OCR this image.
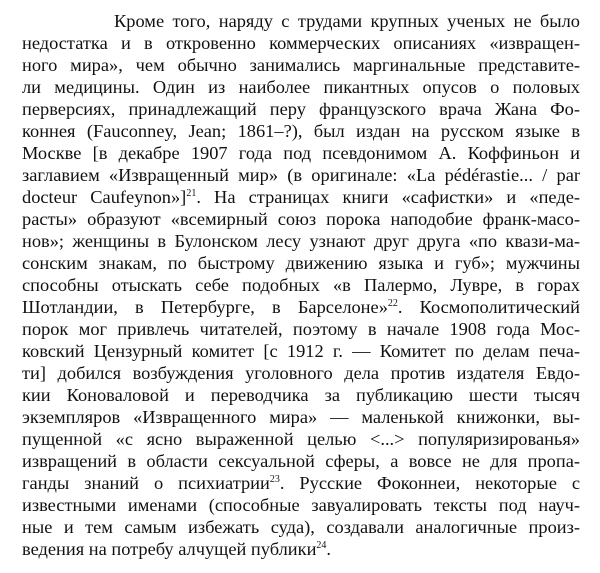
Кроме того, наряду с трудами крупных ученых не было
недостатка и в откровенно коммерческих описаниях «извращен-
ного мира», чем обычно занимались маргинальные представите-
ли медицины. Один из наиболее пикантных опусов о половых
перверсиях, принадлежащий перу французского врача Жана Фо-
коннея (Fauconney, Jean; 1861–?), был издан на русском языке в
Москве [в декабре 1907 года под псевдонимом А. Коффиньон и
заглавием «Извращенный мир» (в оригинале: «La pédérastie... / par
docteur Caufeynon»]$^{21}$. На страницах книги «сафистки» и «педе-
расты» образуют «всемирный союз порока наподобие франк-масо-
нов»; женщины в Булонском лесу узнают друг друга «по квази-ма-
сонским знакам, по быстрому движению языка и губ»; мужчины
способны отыскать себе подобных «в Палермо, Лувре, в горах
Шотландии, в Петербурге, в Барселоне»$^{22}$. Космополитический
порок мог привлечь читателей, поэтому в начале 1908 года Мос-
ковский Цензурный комитет [с 1912 г. — Комитет по делам печа-
ти] добился возбуждения уголовного дела против издателя Евдо-
кии Коноваловой и переводчика за публикацию шести тысяч
экземпляров «Извращенного мира» — маленькой книжонки, вы-
пущенной «с ясно выраженной целью <...> популяризированья»
извращений в области сексуальной сферы, а вовсе не для пропа-
ганды знаний о психиатрии$^{23}$. Русские Фоконнеи, некоторые с
известными именами (способные завуалировать тексты под науч-
ные и тем самым избежать суда), создавали аналогичные произ-
ведения на потребу алчущей публики$^{24}$.
